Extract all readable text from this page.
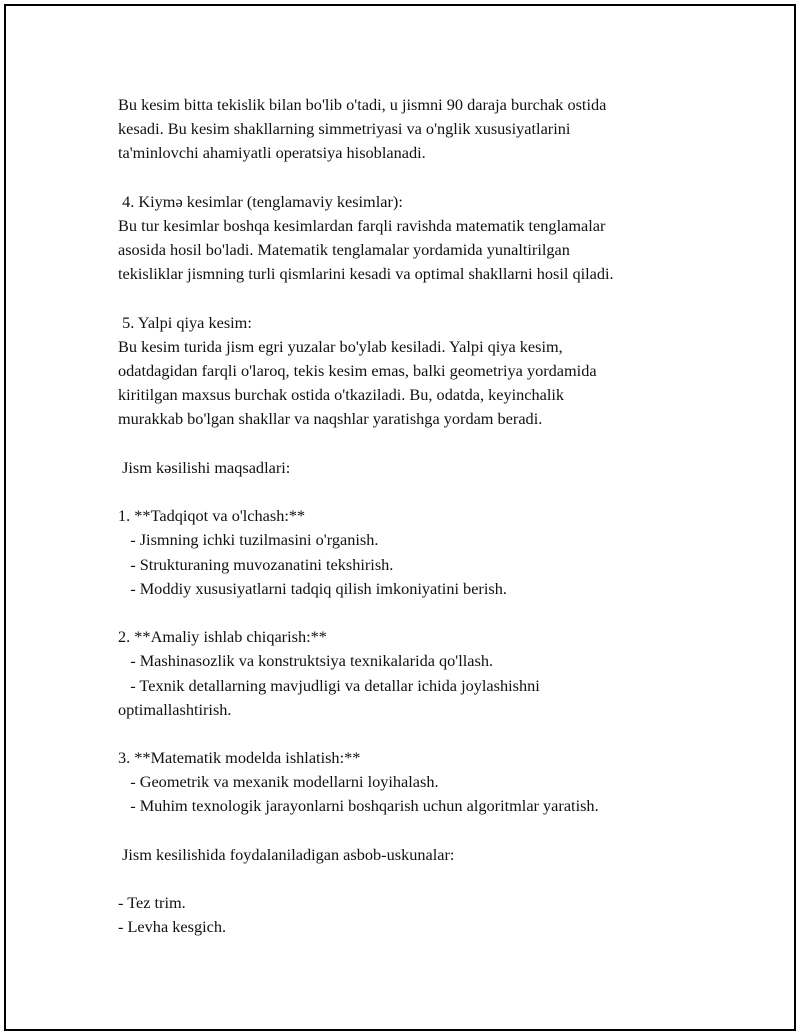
Bu kesim bitta tekislik bilan bo'lib o'tadi, u jismni 90 daraja burchak ostida
kesadi. Bu kesim shakllarning simmetriyasi va o'nglik xususiyatlarini
ta'minlovchi ahamiyatli operatsiya hisoblanadi.
4. Kiymə kesimlar (tenglamaviy kesimlar):
Bu tur kesimlar boshqa kesimlardan farqli ravishda matematik tenglamalar
asosida hosil bo'ladi. Matematik tenglamalar yordamida yunaltirilgan
tekisliklar jismning turli qismlarini kesadi va optimal shakllarni hosil qiladi.
5. Yalpi qiya kesim:
Bu kesim turida jism egri yuzalar bo'ylab kesiladi. Yalpi qiya kesim,
odatdagidan farqli o'laroq, tekis kesim emas, balki geometriya yordamida
kiritilgan maxsus burchak ostida o'tkaziladi. Bu, odatda, keyinchalik
murakkab bo'lgan shakllar va naqshlar yaratishga yordam beradi.
Jism kəsilishi maqsadlari:
1. **Tadqiqot va o'lchash:**
- Jismning ichki tuzilmasini o'rganish.
- Strukturaning muvozanatini tekshirish.
- Moddiy xususiyatlarni tadqiq qilish imkoniyatini berish.
2. **Amaliy ishlab chiqarish:**
- Mashinasozlik va konstruktsiya texnikalarida qo'llash.
- Texnik detallarning mavjudligi va detallar ichida joylashishni
optimallashtirish.
3. **Matematik modelda ishlatish:**
- Geometrik va mexanik modellarni loyihalash.
- Muhim texnologik jarayonlarni boshqarish uchun algoritmlar yaratish.
Jism kesilishida foydalaniladigan asbob-uskunalar:
- Tez trim.
- Levha kesgich.
